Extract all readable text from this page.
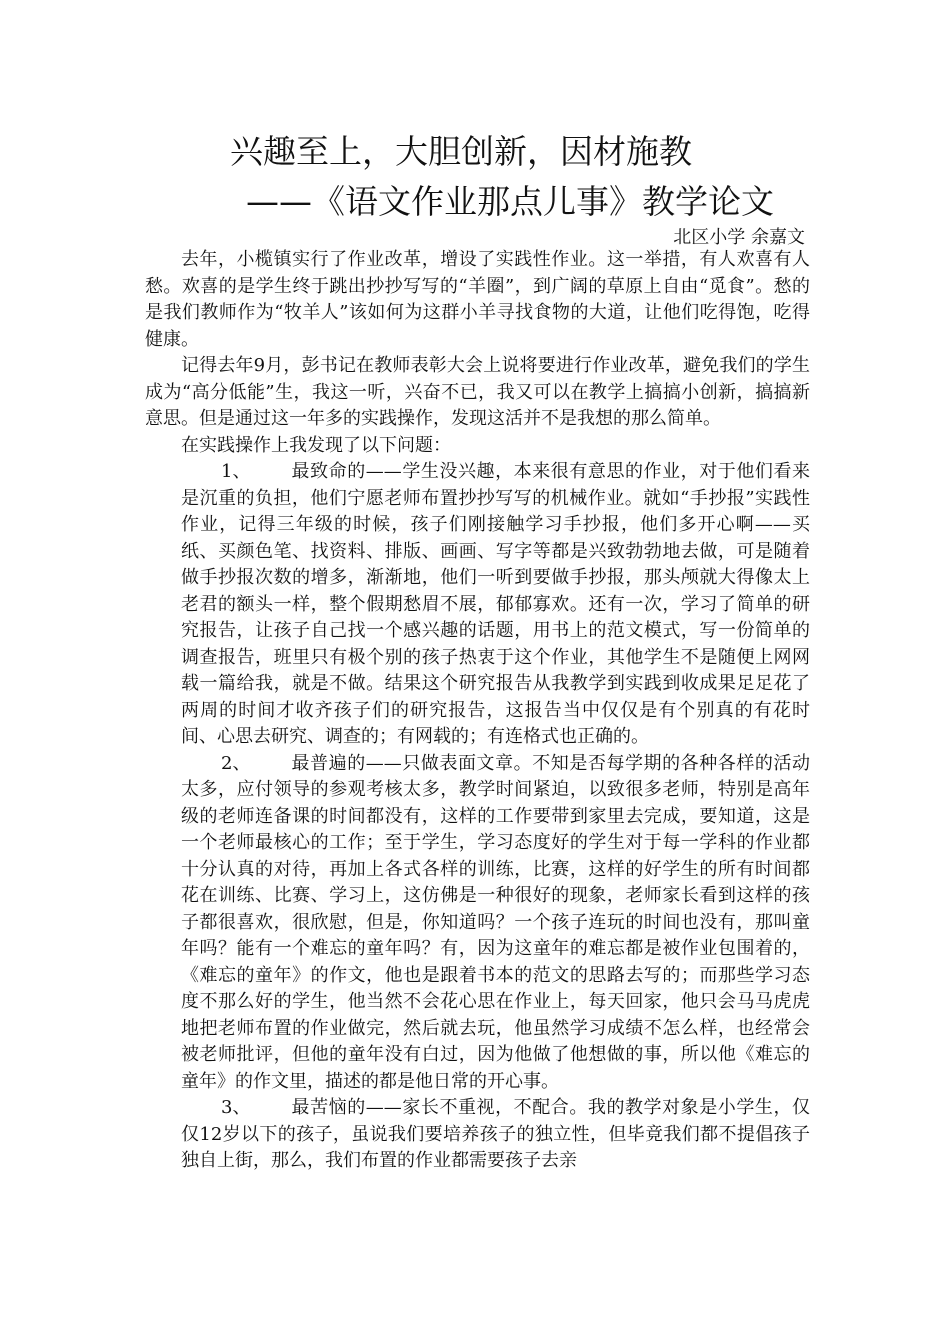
兴趣至上，大胆创新，因材施教
——《语文作业那点儿事》教学论文
北区小学 余嘉文

去年，小榄镇实行了作业改革，增设了实践性作业。这一举措，有人欢喜有人愁。欢喜的是学生终于跳出抄抄写写的“羊圈”，到广阔的草原上自由“觅食”。愁的是我们教师作为“牧羊人”该如何为这群小羊寻找食物的大道，让他们吃得饱，吃得健康。

记得去年9月，彭书记在教师表彰大会上说将要进行作业改革，避免我们的学生成为“高分低能”生，我这一听，兴奋不已，我又可以在教学上搞搞小创新，搞搞新意思。但是通过这一年多的实践操作，发现这活并不是我想的那么简单。

在实践操作上我发现了以下问题：

1、 最致命的——学生没兴趣，本来很有意思的作业，对于他们看来是沉重的负担，他们宁愿老师布置抄抄写写的机械作业。就如“手抄报”实践性作业，记得三年级的时候，孩子们刚接触学习手抄报，他们多开心啊——买纸、买颜色笔、找资料、排版、画画、写字等都是兴致勃勃地去做，可是随着做手抄报次数的增多，渐渐地，他们一听到要做手抄报，那头颅就大得像太上老君的额头一样，整个假期愁眉不展，郁郁寡欢。还有一次，学习了简单的研究报告，让孩子自己找一个感兴趣的话题，用书上的范文模式，写一份简单的调查报告，班里只有极个别的孩子热衷于这个作业，其他学生不是随便上网网载一篇给我，就是不做。结果这个研究报告从我教学到实践到收成果足足花了两周的时间才收齐孩子们的研究报告，这报告当中仅仅是有个别真的有花时间、心思去研究、调查的；有网载的；有连格式也正确的。

2、 最普遍的——只做表面文章。不知是否每学期的各种各样的活动太多，应付领导的参观考核太多，教学时间紧迫，以致很多老师，特别是高年级的老师连备课的时间都没有，这样的工作要带到家里去完成，要知道，这是一个老师最核心的工作；至于学生，学习态度好的学生对于每一学科的作业都十分认真的对待，再加上各式各样的训练，比赛，这样的好学生的所有时间都花在训练、比赛、学习上，这仿佛是一种很好的现象，老师家长看到这样的孩子都很喜欢，很欣慰，但是，你知道吗？一个孩子连玩的时间也没有，那叫童年吗？能有一个难忘的童年吗？有，因为这童年的难忘都是被作业包围着的，《难忘的童年》的作文，他也是跟着书本的范文的思路去写的；而那些学习态度不那么好的学生，他当然不会花心思在作业上，每天回家，他只会马马虎虎地把老师布置的作业做完，然后就去玩，他虽然学习成绩不怎么样，也经常会被老师批评，但他的童年没有白过，因为他做了他想做的事，所以他《难忘的童年》的作文里，描述的都是他日常的开心事。

3、 最苦恼的——家长不重视，不配合。我的教学对象是小学生，仅仅12岁以下的孩子，虽说我们要培养孩子的独立性，但毕竟我们都不提倡孩子独自上街，那么，我们布置的作业都需要孩子去亲
